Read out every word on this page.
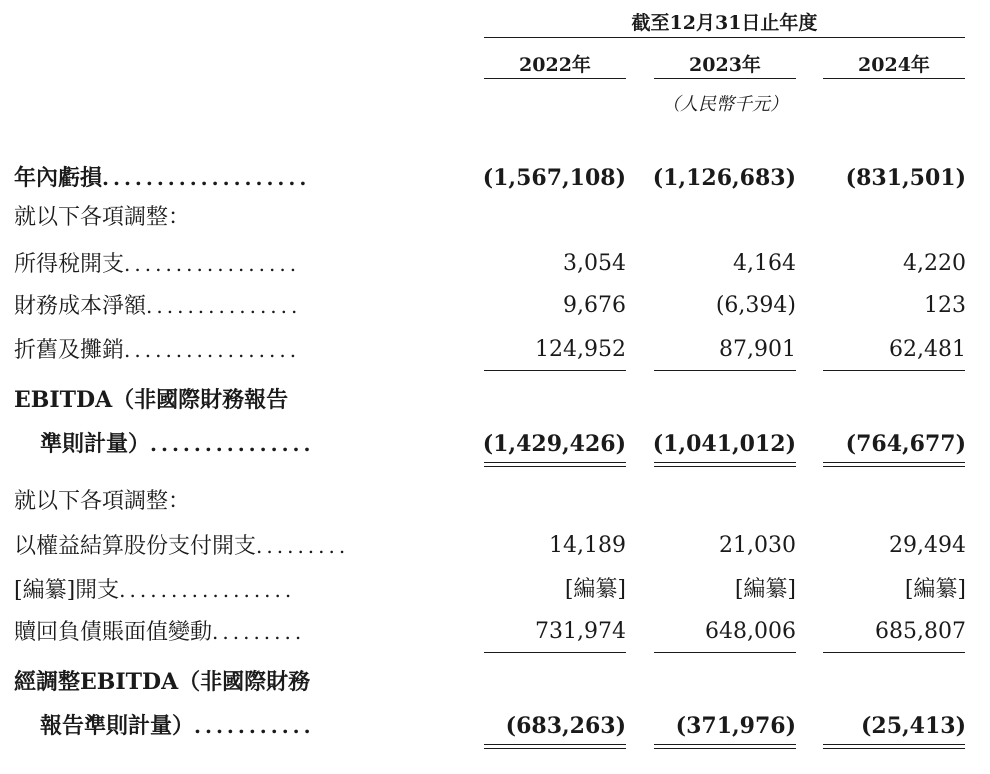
截至12月31日止年度
2022年	2023年	2024年
（人民幣千元）
年內虧損...................	(1,567,108)	(1,126,683)	(831,501)
就以下各項調整：
所得稅開支.................	3,054	4,164	4,220
財務成本淨額...............	9,676	(6,394)	123
折舊及攤銷.................	124,952	87,901	62,481
EBITDA（非國際財務報告
準則計量）...............	(1,429,426)	(1,041,012)	(764,677)
就以下各項調整：
以權益結算股份支付開支.........	14,189	21,030	29,494
[編纂]開支.................	[編纂]	[編纂]	[編纂]
贖回負債賬面值變動.........	731,974	648,006	685,807
經調整EBITDA（非國際財務
報告準則計量）...........	(683,263)	(371,976)	(25,413)
